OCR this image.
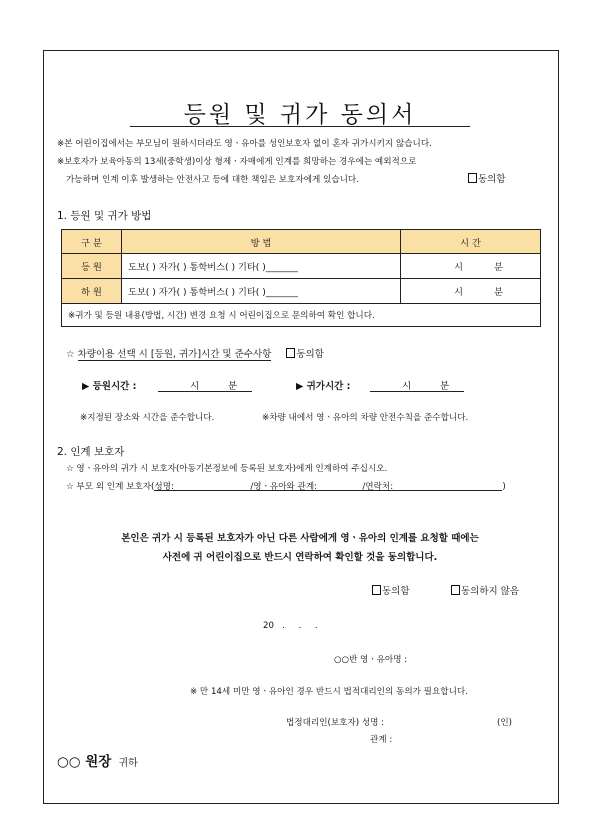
등원 및 귀가 동의서
※본 어린이집에서는 부모님이 원하시더라도 영ㆍ유아를 성인보호자 없이 혼자 귀가시키지 않습니다.
※보호자가 보육아동의 13세(중학생)이상 형제ㆍ자매에게 인계를 희망하는 경우에는 예외적으로
가능하며 인계 이후 발생하는 안전사고 등에 대한 책임은 보호자에게 있습니다.	동의함
1. 등원 및 귀가 방법
구 분	방 법	시 간
등 원	도보( ) 자가( ) 통학버스( ) 기타( )_______	시 분
하 원	도보( ) 자가( ) 통학버스( ) 기타( )_______	시 분
※귀가 및 등원 내용(방법, 시간) 변경 요청 시 어린이집으로 문의하여 확인 합니다.		
☆ 차량이용 선택 시 [등원, 귀가]시간 및 준수사항	동의함
▶ 등원시간 :	시	분	▶ 귀가시간 :	시	분
※지정된 장소와 시간을 준수합니다.	※차량 내에서 영ㆍ유아의 차량 안전수칙을 준수합니다.
2. 인계 보호자
☆ 영ㆍ유아의 귀가 시 보호자(아동기본정보에 등록된 보호자)에게 인계하여 주십시오.
☆ 부모 외 인계 보호자( 성명:	/영ㆍ유아와 관계:	/연락처:	)
본인은 귀가 시 등록된 보호자가 아닌 다른 사람에게 영ㆍ유아의 인계를 요청할 때에는
사전에 귀 어린이집으로 반드시 연락하여 확인할 것을 동의합니다.
동의함	동의하지 않음
20   .     .     .
○○반 영ㆍ유아명 :
※ 만 14세 미만 영ㆍ유아인 경우 반드시 법적대리인의 동의가 필요합니다.
법정대리인(보호자) 성명 :	(인)
관계 :
○○ 원장 귀하
